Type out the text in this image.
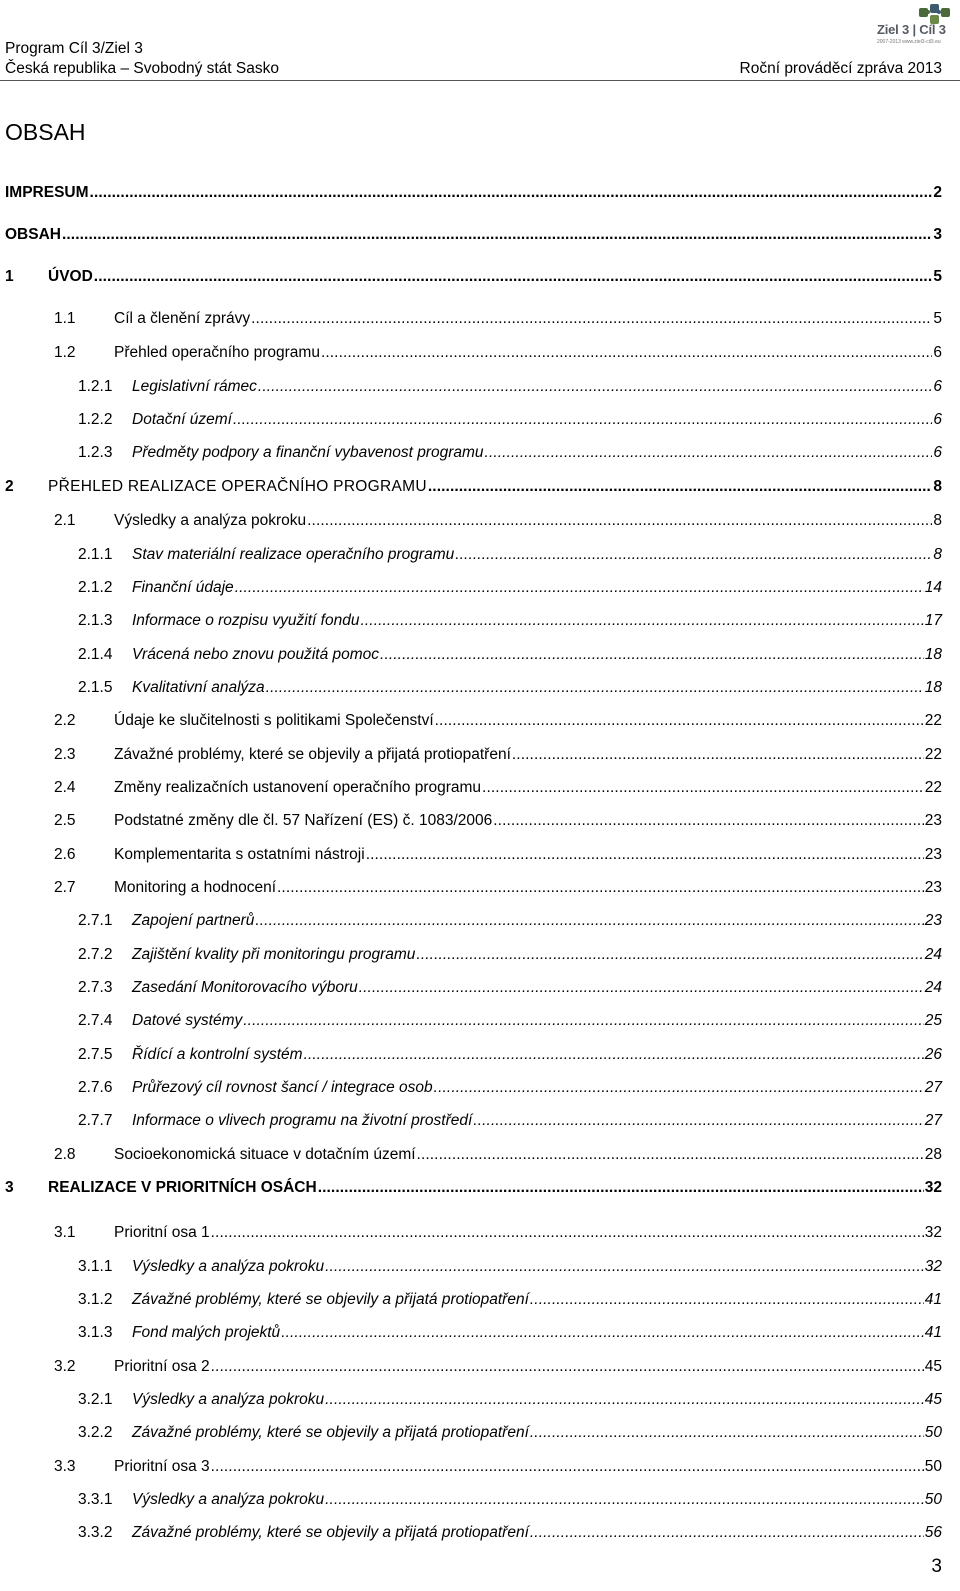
Program Cíl 3/Ziel 3
Česká republika – Svobodný stát Sasko	Roční prováděcí zpráva 2013
Ziel 3 | Cíl 3
2007-2013 www.ziel3-cil3.eu
OBSAH
IMPRESUM . . .	2
OBSAH . . .	3
1	ÚVOD . . .	5
1.1	Cíl a členění zprávy . . .	5
1.2	Přehled operačního programu . . .	6
1.2.1	Legislativní rámec . . .	6
1.2.2	Dotační území . . .	6
1.2.3	Předměty podpory a finanční vybavenost programu . . .	6
2	PŘEHLED REALIZACE OPERAČNÍHO PROGRAMU . . .	8
2.1	Výsledky a analýza pokroku . . .	8
2.1.1	Stav materiální realizace operačního programu . . .	8
2.1.2	Finanční údaje . . .	14
2.1.3	Informace o rozpisu využití fondu . . .	17
2.1.4	Vrácená nebo znovu použitá pomoc . . .	18
2.1.5	Kvalitativní analýza . . .	18
2.2	Údaje ke slučitelnosti s politikami Společenství . . .	22
2.3	Závažné problémy, které se objevily a přijatá protiopatření . . .	22
2.4	Změny realizačních ustanovení operačního programu . . .	22
2.5	Podstatné změny dle čl. 57 Nařízení (ES) č. 1083/2006 . . .	23
2.6	Komplementarita s ostatními nástroji . . .	23
2.7	Monitoring a hodnocení . . .	23
2.7.1	Zapojení partnerů . . .	23
2.7.2	Zajištění kvality při monitoringu programu . . .	24
2.7.3	Zasedání Monitorovacího výboru . . .	24
2.7.4	Datové systémy . . .	25
2.7.5	Řídící a kontrolní systém . . .	26
2.7.6	Průřezový cíl rovnost šancí / integrace osob . . .	27
2.7.7	Informace o vlivech programu na životní prostředí . . .	27
2.8	Socioekonomická situace v dotačním území . . .	28
3	REALIZACE V PRIORITNÍCH OSÁCH . . .	32
3.1	Prioritní osa 1 . . .	32
3.1.1	Výsledky a analýza pokroku . . .	32
3.1.2	Závažné problémy, které se objevily a přijatá protiopatření . . .	41
3.1.3	Fond malých projektů . . .	41
3.2	Prioritní osa 2 . . .	45
3.2.1	Výsledky a analýza pokroku . . .	45
3.2.2	Závažné problémy, které se objevily a přijatá protiopatření . . .	50
3.3	Prioritní osa 3 . . .	50
3.3.1	Výsledky a analýza pokroku . . .	50
3.3.2	Závažné problémy, které se objevily a přijatá protiopatření . . .	56
3
